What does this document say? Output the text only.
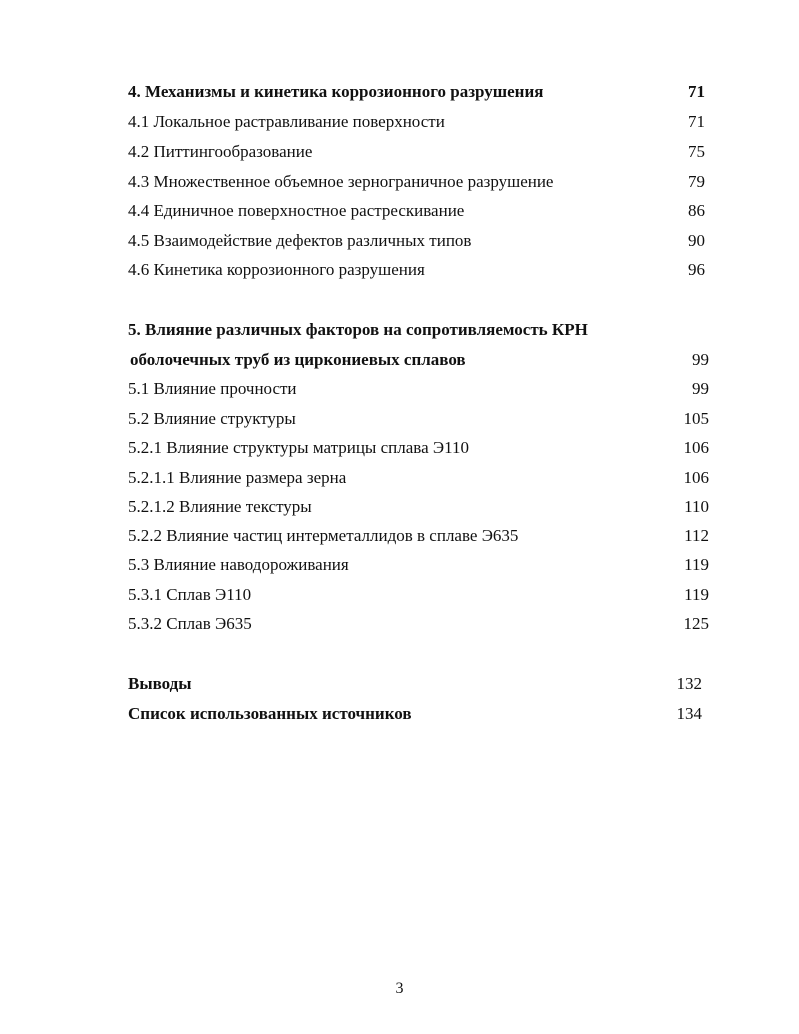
4. Механизмы и кинетика коррозионного разрушения	71
4.1 Локальное растравливание поверхности	71
4.2 Питтингообразование	75
4.3 Множественное объемное зернограничное разрушение	79
4.4 Единичное поверхностное растрескивание	86
4.5 Взаимодействие дефектов различных типов	90
4.6 Кинетика коррозионного разрушения	96
5. Влияние различных факторов на сопротивляемость КРН
оболочечных труб из циркониевых сплавов	99
5.1 Влияние прочности	99
5.2 Влияние структуры	105
5.2.1 Влияние структуры матрицы сплава Э110	106
5.2.1.1 Влияние размера зерна	106
5.2.1.2 Влияние текстуры	110
5.2.2 Влияние частиц интерметаллидов в сплаве Э635	112
5.3 Влияние наводороживания	119
5.3.1 Сплав Э110	119
5.3.2 Сплав Э635	125
Выводы	132
Список использованных источников	134
3
